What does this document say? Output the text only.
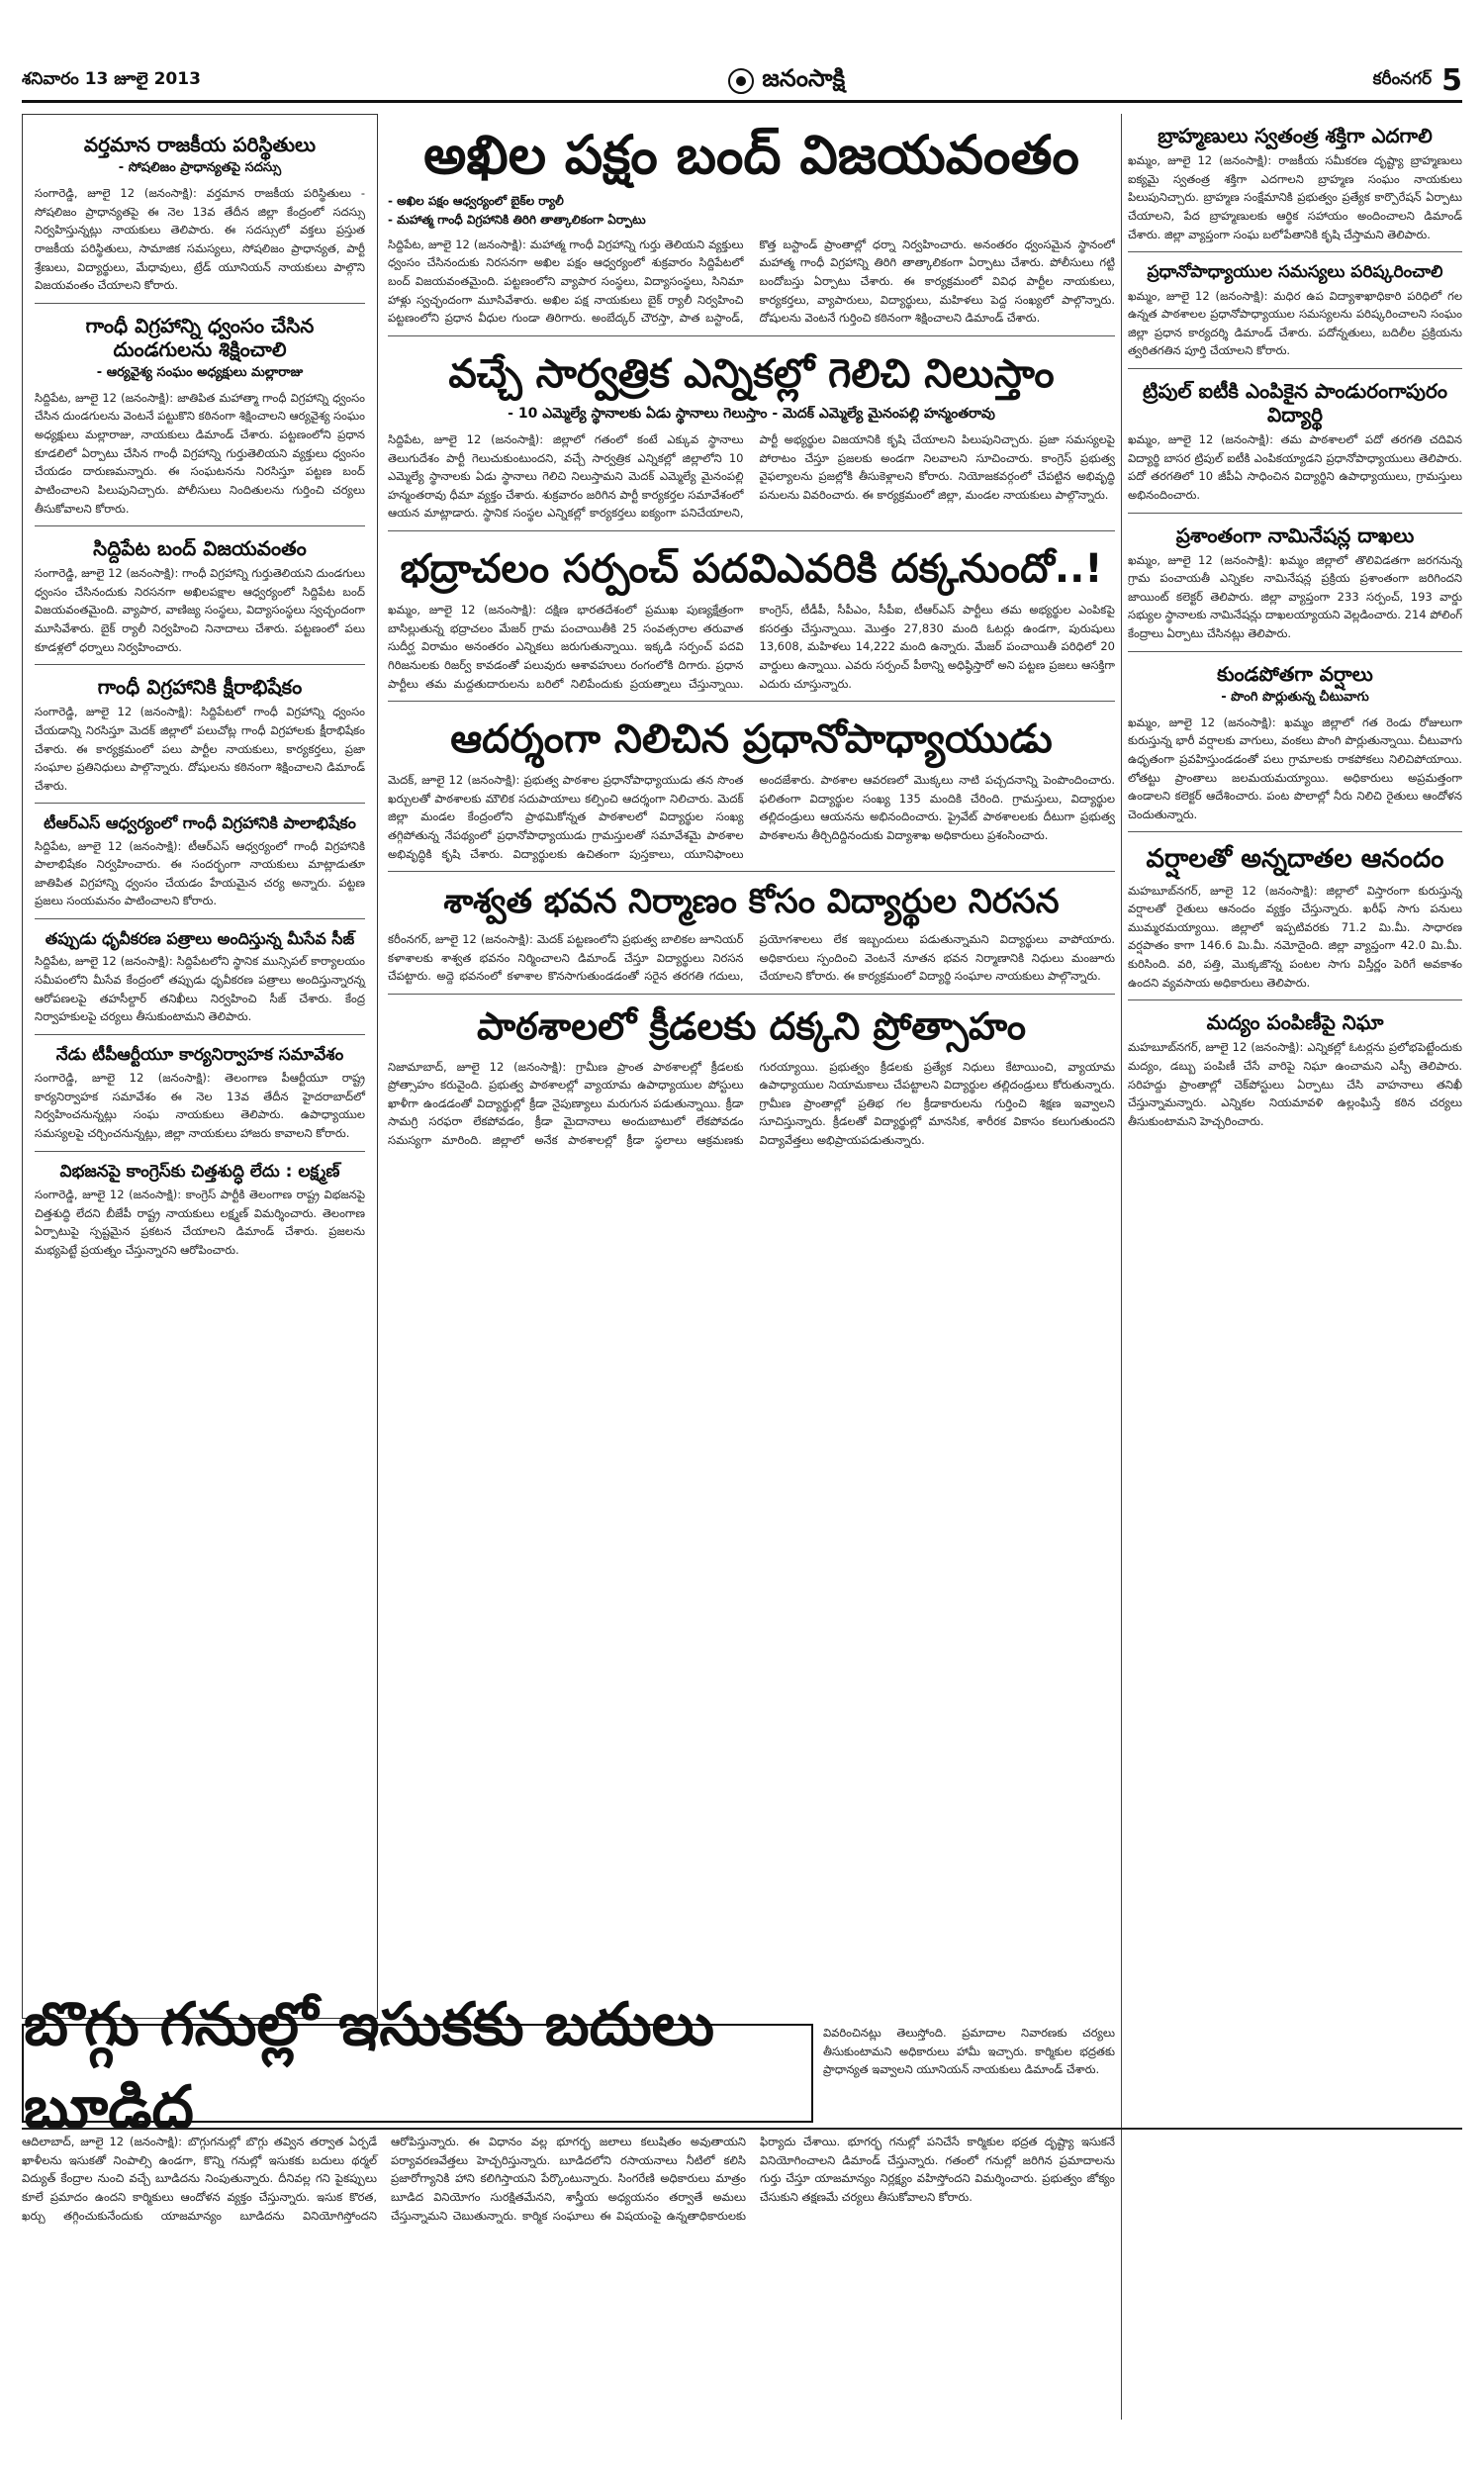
శనివారం 13 జూలై 2013	జనంసాక్షి	కరీంనగర్ 5
వర్తమాన రాజకీయ పరిస్థితులు
- సోషలిజం ప్రాధాన్యతపై సదస్సు

సంగారెడ్డి, జూలై 12 (జనంసాక్షి): వర్తమాన రాజకీయ పరిస్థితులు - సోషలిజం ప్రాధాన్యతపై ఈ నెల 13వ తేదీన జిల్లా కేంద్రంలో సదస్సు నిర్వహిస్తున్నట్లు నాయకులు తెలిపారు. ఈ సదస్సులో వక్తలు ప్రస్తుత రాజకీయ పరిస్థితులు, సామాజిక సమస్యలు, సోషలిజం ప్రాధాన్యత, పార్టీ శ్రేణులు, విద్యార్థులు, మేధావులు, ట్రేడ్ యూనియన్ నాయకులు పాల్గొని విజయవంతం చేయాలని కోరారు.

గాంధీ విగ్రహాన్ని ధ్వంసం చేసిన దుండగులను శిక్షించాలి
- ఆర్యవైశ్య సంఘం అధ్యక్షులు మల్లారాజు

సిద్దిపేట, జూలై 12 (జనంసాక్షి): జాతిపిత మహాత్మా గాంధీ విగ్రహాన్ని ధ్వంసం చేసిన దుండగులను వెంటనే పట్టుకొని కఠినంగా శిక్షించాలని ఆర్యవైశ్య సంఘం అధ్యక్షులు మల్లారాజు, నాయకులు డిమాండ్ చేశారు. పట్టణంలోని ప్రధాన కూడలిలో ఏర్పాటు చేసిన గాంధీ విగ్రహాన్ని గుర్తుతెలియని వ్యక్తులు ధ్వంసం చేయడం దారుణమన్నారు. ఈ సంఘటనను నిరసిస్తూ పట్టణ బంద్ పాటించాలని పిలుపునిచ్చారు. పోలీసులు నిందితులను గుర్తించి చర్యలు తీసుకోవాలని కోరారు.

సిద్దిపేట బంద్ విజయవంతం

సంగారెడ్డి, జూలై 12 (జనంసాక్షి): గాంధీ విగ్రహాన్ని గుర్తుతెలియని దుండగులు ధ్వంసం చేసినందుకు నిరసనగా అఖిలపక్షాల ఆధ్వర్యంలో సిద్దిపేట బంద్ విజయవంతమైంది. వ్యాపార, వాణిజ్య సంస్థలు, విద్యాసంస్థలు స్వచ్ఛందంగా మూసివేశారు. బైక్ ర్యాలీ నిర్వహించి నినాదాలు చేశారు. పట్టణంలో పలు కూడళ్లలో ధర్నాలు నిర్వహించారు.

గాంధీ విగ్రహానికి క్షీరాభిషేకం

సంగారెడ్డి, జూలై 12 (జనంసాక్షి): సిద్దిపేటలో గాంధీ విగ్రహాన్ని ధ్వంసం చేయడాన్ని నిరసిస్తూ మెదక్ జిల్లాలో పలుచోట్ల గాంధీ విగ్రహాలకు క్షీరాభిషేకం చేశారు. ఈ కార్యక్రమంలో పలు పార్టీల నాయకులు, కార్యకర్తలు, ప్రజా సంఘాల ప్రతినిధులు పాల్గొన్నారు. దోషులను కఠినంగా శిక్షించాలని డిమాండ్ చేశారు.

టీఆర్‌ఎస్ ఆధ్వర్యంలో గాంధీ విగ్రహానికి పాలాభిషేకం

సిద్దిపేట, జూలై 12 (జనంసాక్షి): టీఆర్‌ఎస్ ఆధ్వర్యంలో గాంధీ విగ్రహానికి పాలాభిషేకం నిర్వహించారు. ఈ సందర్భంగా నాయకులు మాట్లాడుతూ జాతిపిత విగ్రహాన్ని ధ్వంసం చేయడం హేయమైన చర్య అన్నారు. పట్టణ ప్రజలు సంయమనం పాటించాలని కోరారు.

తప్పుడు ధృవీకరణ పత్రాలు అందిస్తున్న మీసేవ సీజ్

సిద్దిపేట, జూలై 12 (జనంసాక్షి): సిద్దిపేటలోని స్థానిక మున్సిపల్ కార్యాలయం సమీపంలోని మీసేవ కేంద్రంలో తప్పుడు ధృవీకరణ పత్రాలు అందిస్తున్నారన్న ఆరోపణలపై తహసీల్దార్ తనిఖీలు నిర్వహించి సీజ్ చేశారు. కేంద్ర నిర్వాహకులపై చర్యలు తీసుకుంటామని తెలిపారు.

నేడు టీపీఆర్టీయూ కార్యనిర్వాహక సమావేశం

సంగారెడ్డి, జూలై 12 (జనంసాక్షి): తెలంగాణ పీఆర్టీయూ రాష్ట్ర కార్యనిర్వాహక సమావేశం ఈ నెల 13వ తేదీన హైదరాబాద్‌లో నిర్వహించనున్నట్లు సంఘ నాయకులు తెలిపారు. ఉపాధ్యాయుల సమస్యలపై చర్చించనున్నట్లు, జిల్లా నాయకులు హాజరు కావాలని కోరారు.

విభజనపై కాంగ్రెస్‌కు చిత్తశుద్ధి లేదు : లక్ష్మణ్

సంగారెడ్డి, జూలై 12 (జనంసాక్షి): కాంగ్రెస్ పార్టీకి తెలంగాణ రాష్ట్ర విభజనపై చిత్తశుద్ధి లేదని బీజేపీ రాష్ట్ర నాయకులు లక్ష్మణ్ విమర్శించారు. తెలంగాణ ఏర్పాటుపై స్పష్టమైన ప్రకటన చేయాలని డిమాండ్ చేశారు. ప్రజలను మభ్యపెట్టే ప్రయత్నం చేస్తున్నారని ఆరోపించారు.

అఖిల పక్షం బంద్ విజయవంతం
- అఖిల పక్షం ఆధ్వర్యంలో బైక్‌ల ర్యాలీ
- మహాత్మ గాంధీ విగ్రహానికి తిరిగి తాత్కాలికంగా ఏర్పాటు

సిద్దిపేట, జూలై 12 (జనంసాక్షి): మహాత్మ గాంధీ విగ్రహాన్ని గుర్తు తెలియని వ్యక్తులు ధ్వంసం చేసినందుకు నిరసనగా అఖిల పక్షం ఆధ్వర్యంలో శుక్రవారం సిద్దిపేటలో బంద్‌ విజయవంతమైంది. పట్టణంలోని వ్యాపార సంస్థలు, విద్యాసంస్థలు, సినిమా హాళ్లు స్వచ్ఛందంగా మూసివేశారు. అఖిల పక్ష నాయకులు బైక్‌ ర్యాలీ నిర్వహించి పట్టణంలోని ప్రధాన వీధుల గుండా తిరిగారు. అంబేద్కర్‌ చౌరస్తా, పాత బస్టాండ్‌, కొత్త బస్టాండ్‌ ప్రాంతాల్లో ధర్నా నిర్వహించారు. అనంతరం ధ్వంసమైన స్థానంలో మహాత్మ గాంధీ విగ్రహాన్ని తిరిగి తాత్కాలికంగా ఏర్పాటు చేశారు. పోలీసులు గట్టి బందోబస్తు ఏర్పాటు చేశారు. ఈ కార్యక్రమంలో వివిధ పార్టీల నాయకులు, కార్యకర్తలు, వ్యాపారులు, విద్యార్థులు, మహిళలు పెద్ద సంఖ్యలో పాల్గొన్నారు. దోషులను వెంటనే గుర్తించి కఠినంగా శిక్షించాలని డిమాండ్‌ చేశారు.

వచ్చే సార్వత్రిక ఎన్నికల్లో గెలిచి నిలుస్తాం
- 10 ఎమ్మెల్యే స్థానాలకు ఏడు స్థానాలు గెలుస్తాం - మెదక్ ఎమ్మెల్యే మైనంపల్లి హన్మంతరావు

సిద్దిపేట, జూలై 12 (జనంసాక్షి): జిల్లాలో గతంలో కంటే ఎక్కువ స్థానాలు తెలుగుదేశం పార్టీ గెలుచుకుంటుందని, వచ్చే సార్వత్రిక ఎన్నికల్లో జిల్లాలోని 10 ఎమ్మెల్యే స్థానాలకు ఏడు స్థానాలు గెలిచి నిలుస్తామని మెదక్ ఎమ్మెల్యే మైనంపల్లి హన్మంతరావు ధీమా వ్యక్తం చేశారు. శుక్రవారం జరిగిన పార్టీ కార్యకర్తల సమావేశంలో ఆయన మాట్లాడారు. స్థానిక సంస్థల ఎన్నికల్లో కార్యకర్తలు ఐక్యంగా పనిచేయాలని, పార్టీ అభ్యర్థుల విజయానికి కృషి చేయాలని పిలుపునిచ్చారు. ప్రజా సమస్యలపై పోరాటం చేస్తూ ప్రజలకు అండగా నిలవాలని సూచించారు. కాంగ్రెస్ ప్రభుత్వ వైఫల్యాలను ప్రజల్లోకి తీసుకెళ్లాలని కోరారు. నియోజకవర్గంలో చేపట్టిన అభివృద్ధి పనులను వివరించారు. ఈ కార్యక్రమంలో జిల్లా, మండల నాయకులు పాల్గొన్నారు.

భద్రాచలం సర్పంచ్ పదవిఎవరికి దక్కనుందో..!

ఖమ్మం, జూలై 12 (జనంసాక్షి): దక్షిణ భారతదేశంలో ప్రముఖ పుణ్యక్షేత్రంగా బాసిల్లుతున్న భద్రాచలం మేజర్ గ్రామ పంచాయితీకి 25 సంవత్సరాల తరువాత సుదీర్ఘ విరామం అనంతరం ఎన్నికలు జరుగుతున్నాయి. ఇక్కడి సర్పంచ్ పదవి గిరిజనులకు రిజర్వ్ కావడంతో పలువురు ఆశావహులు రంగంలోకి దిగారు. ప్రధాన పార్టీలు తమ మద్దతుదారులను బరిలో నిలిపేందుకు ప్రయత్నాలు చేస్తున్నాయి. కాంగ్రెస్, టీడీపీ, సీపీఎం, సీపీఐ, టీఆర్‌ఎస్ పార్టీలు తమ అభ్యర్థుల ఎంపికపై కసరత్తు చేస్తున్నాయి. మొత్తం 27,830 మంది ఓటర్లు ఉండగా, పురుషులు 13,608, మహిళలు 14,222 మంది ఉన్నారు. మేజర్ పంచాయితీ పరిధిలో 20 వార్డులు ఉన్నాయి. ఎవరు సర్పంచ్ పీఠాన్ని అధిష్ఠిస్తారో అని పట్టణ ప్రజలు ఆసక్తిగా ఎదురు చూస్తున్నారు.

ఆదర్శంగా నిలిచిన ప్రధానోపాధ్యాయుడు

మెదక్, జూలై 12 (జనంసాక్షి): ప్రభుత్వ పాఠశాల ప్రధానోపాధ్యాయుడు తన సొంత ఖర్చులతో పాఠశాలకు మౌలిక సదుపాయాలు కల్పించి ఆదర్శంగా నిలిచారు. మెదక్ జిల్లా మండల కేంద్రంలోని ప్రాథమికోన్నత పాఠశాలలో విద్యార్థుల సంఖ్య తగ్గిపోతున్న నేపథ్యంలో ప్రధానోపాధ్యాయుడు గ్రామస్తులతో సమావేశమై పాఠశాల అభివృద్ధికి కృషి చేశారు. విద్యార్థులకు ఉచితంగా పుస్తకాలు, యూనిఫాంలు అందజేశారు. పాఠశాల ఆవరణలో మొక్కలు నాటి పచ్చదనాన్ని పెంపొందించారు. ఫలితంగా విద్యార్థుల సంఖ్య 135 మందికి చేరింది. గ్రామస్తులు, విద్యార్థుల తల్లిదండ్రులు ఆయనను అభినందించారు. ప్రైవేట్ పాఠశాలలకు దీటుగా ప్రభుత్వ పాఠశాలను తీర్చిదిద్దినందుకు విద్యాశాఖ అధికారులు ప్రశంసించారు.

శాశ్వత భవన నిర్మాణం కోసం విద్యార్థుల నిరసన

కరీంనగర్, జూలై 12 (జనంసాక్షి): మెదక్ పట్టణంలోని ప్రభుత్వ బాలికల జూనియర్ కళాశాలకు శాశ్వత భవనం నిర్మించాలని డిమాండ్ చేస్తూ విద్యార్థులు నిరసన చేపట్టారు. అద్దె భవనంలో కళాశాల కొనసాగుతుండడంతో సరైన తరగతి గదులు, ప్రయోగశాలలు లేక ఇబ్బందులు పడుతున్నామని విద్యార్థులు వాపోయారు. అధికారులు స్పందించి వెంటనే నూతన భవన నిర్మాణానికి నిధులు మంజూరు చేయాలని కోరారు. ఈ కార్యక్రమంలో విద్యార్థి సంఘాల నాయకులు పాల్గొన్నారు.

పాఠశాలలో క్రీడలకు దక్కని ప్రోత్సాహం

నిజామాబాద్, జూలై 12 (జనంసాక్షి): గ్రామీణ ప్రాంత పాఠశాలల్లో క్రీడలకు ప్రోత్సాహం కరువైంది. ప్రభుత్వ పాఠశాలల్లో వ్యాయామ ఉపాధ్యాయుల పోస్టులు ఖాళీగా ఉండడంతో విద్యార్థుల్లో క్రీడా నైపుణ్యాలు మరుగున పడుతున్నాయి. క్రీడా సామగ్రి సరఫరా లేకపోవడం, క్రీడా మైదానాలు అందుబాటులో లేకపోవడం సమస్యగా మారింది. జిల్లాలో అనేక పాఠశాలల్లో క్రీడా స్థలాలు ఆక్రమణకు గురయ్యాయి. ప్రభుత్వం క్రీడలకు ప్రత్యేక నిధులు కేటాయించి, వ్యాయామ ఉపాధ్యాయుల నియామకాలు చేపట్టాలని విద్యార్థుల తల్లిదండ్రులు కోరుతున్నారు. గ్రామీణ ప్రాంతాల్లో ప్రతిభ గల క్రీడాకారులను గుర్తించి శిక్షణ ఇవ్వాలని సూచిస్తున్నారు. క్రీడలతో విద్యార్థుల్లో మానసిక, శారీరక వికాసం కలుగుతుందని విద్యావేత్తలు అభిప్రాయపడుతున్నారు.

బ్రాహ్మణులు స్వతంత్ర శక్తిగా ఎదగాలి

ఖమ్మం, జూలై 12 (జనంసాక్షి): రాజకీయ సమీకరణ దృష్ట్యా బ్రాహ్మణులు ఐక్యమై స్వతంత్ర శక్తిగా ఎదగాలని బ్రాహ్మణ సంఘం నాయకులు పిలుపునిచ్చారు. బ్రాహ్మణ సంక్షేమానికి ప్రభుత్వం ప్రత్యేక కార్పొరేషన్ ఏర్పాటు చేయాలని, పేద బ్రాహ్మణులకు ఆర్థిక సహాయం అందించాలని డిమాండ్ చేశారు. జిల్లా వ్యాప్తంగా సంఘ బలోపేతానికి కృషి చేస్తామని తెలిపారు.

ప్రధానోపాధ్యాయుల సమస్యలు పరిష్కరించాలి

ఖమ్మం, జూలై 12 (జనంసాక్షి): మధిర ఉప విద్యాశాఖాధికారి పరిధిలో గల ఉన్నత పాఠశాలల ప్రధానోపాధ్యాయుల సమస్యలను పరిష్కరించాలని సంఘం జిల్లా ప్రధాన కార్యదర్శి డిమాండ్ చేశారు. పదోన్నతులు, బదిలీల ప్రక్రియను త్వరితగతిన పూర్తి చేయాలని కోరారు.

ట్రిపుల్ ఐటీకి ఎంపికైన పాండురంగాపురం విద్యార్థి

ఖమ్మం, జూలై 12 (జనంసాక్షి): తమ పాఠశాలలో పదో తరగతి చదివిన విద్యార్థి బాసర ట్రిపుల్ ఐటీకి ఎంపికయ్యాడని ప్రధానోపాధ్యాయులు తెలిపారు. పదో తరగతిలో 10 జీపీఏ సాధించిన విద్యార్థిని ఉపాధ్యాయులు, గ్రామస్తులు అభినందించారు.

ప్రశాంతంగా నామినేషన్ల దాఖలు

ఖమ్మం, జూలై 12 (జనంసాక్షి): ఖమ్మం జిల్లాలో తొలివిడతగా జరగనున్న గ్రామ పంచాయతీ ఎన్నికల నామినేషన్ల ప్రక్రియ ప్రశాంతంగా జరిగిందని జాయింట్ కలెక్టర్ తెలిపారు. జిల్లా వ్యాప్తంగా 233 సర్పంచ్, 193 వార్డు సభ్యుల స్థానాలకు నామినేషన్లు దాఖలయ్యాయని వెల్లడించారు. 214 పోలింగ్ కేంద్రాలు ఏర్పాటు చేసినట్లు తెలిపారు.

కుండపోతగా వర్షాలు
- పొంగి పొర్లుతున్న చీటువాగు

ఖమ్మం, జూలై 12 (జనంసాక్షి): ఖమ్మం జిల్లాలో గత రెండు రోజులుగా కురుస్తున్న భారీ వర్షాలకు వాగులు, వంకలు పొంగి పొర్లుతున్నాయి. చీటువాగు ఉధృతంగా ప్రవహిస్తుండడంతో పలు గ్రామాలకు రాకపోకలు నిలిచిపోయాయి. లోతట్టు ప్రాంతాలు జలమయమయ్యాయి. అధికారులు అప్రమత్తంగా ఉండాలని కలెక్టర్ ఆదేశించారు. పంట పొలాల్లో నీరు నిలిచి రైతులు ఆందోళన చెందుతున్నారు.

వర్షాలతో అన్నదాతల ఆనందం

మహబూబ్‌నగర్, జూలై 12 (జనంసాక్షి): జిల్లాలో విస్తారంగా కురుస్తున్న వర్షాలతో రైతులు ఆనందం వ్యక్తం చేస్తున్నారు. ఖరీఫ్ సాగు పనులు ముమ్మరమయ్యాయి. జిల్లాలో ఇప్పటివరకు 71.2 మి.మీ. సాధారణ వర్షపాతం కాగా 146.6 మి.మీ. నమోదైంది. జిల్లా వ్యాప్తంగా 42.0 మి.మీ. కురిసింది. వరి, పత్తి, మొక్కజొన్న పంటల సాగు విస్తీర్ణం పెరిగే అవకాశం ఉందని వ్యవసాయ అధికారులు తెలిపారు.

మద్యం పంపిణీపై నిఘా

మహబూబ్‌నగర్, జూలై 12 (జనంసాక్షి): ఎన్నికల్లో ఓటర్లను ప్రలోభపెట్టేందుకు మద్యం, డబ్బు పంపిణీ చేసే వారిపై నిఘా ఉంచామని ఎస్పీ తెలిపారు. సరిహద్దు ప్రాంతాల్లో చెక్‌పోస్టులు ఏర్పాటు చేసి వాహనాలు తనిఖీ చేస్తున్నామన్నారు. ఎన్నికల నియమావళి ఉల్లంఘిస్తే కఠిన చర్యలు తీసుకుంటామని హెచ్చరించారు.

బొగ్గు గనుల్లో ఇసుకకు బదులు బూడిద

వివరించినట్లు తెలుస్తోంది. ప్రమాదాల నివారణకు చర్యలు తీసుకుంటామని అధికారులు హామీ ఇచ్చారు. కార్మికుల భద్రతకు ప్రాధాన్యత ఇవ్వాలని యూనియన్ నాయకులు డిమాండ్ చేశారు.

ఆదిలాబాద్, జూలై 12 (జనంసాక్షి): బొగ్గుగనుల్లో బొగ్గు తవ్విన తర్వాత ఏర్పడే ఖాళీలను ఇసుకతో నింపాల్సి ఉండగా, కొన్ని గనుల్లో ఇసుకకు బదులు థర్మల్ విద్యుత్ కేంద్రాల నుంచి వచ్చే బూడిదను నింపుతున్నారు. దీనివల్ల గని పైకప్పులు కూలే ప్రమాదం ఉందని కార్మికులు ఆందోళన వ్యక్తం చేస్తున్నారు. ఇసుక కొరత, ఖర్చు తగ్గించుకునేందుకు యాజమాన్యం బూడిదను వినియోగిస్తోందని ఆరోపిస్తున్నారు. ఈ విధానం వల్ల భూగర్భ జలాలు కలుషితం అవుతాయని పర్యావరణవేత్తలు హెచ్చరిస్తున్నారు. బూడిదలోని రసాయనాలు నీటిలో కలిసి ప్రజారోగ్యానికి హాని కలిగిస్తాయని పేర్కొంటున్నారు. సింగరేణి అధికారులు మాత్రం బూడిద వినియోగం సురక్షితమేనని, శాస్త్రీయ అధ్యయనం తర్వాతే అమలు చేస్తున్నామని చెబుతున్నారు. కార్మిక సంఘాలు ఈ విషయంపై ఉన్నతాధికారులకు ఫిర్యాదు చేశాయి. భూగర్భ గనుల్లో పనిచేసే కార్మికుల భద్రత దృష్ట్యా ఇసుకనే వినియోగించాలని డిమాండ్ చేస్తున్నారు. గతంలో గనుల్లో జరిగిన ప్రమాదాలను గుర్తు చేస్తూ యాజమాన్యం నిర్లక్ష్యం వహిస్తోందని విమర్శించారు. ప్రభుత్వం జోక్యం చేసుకుని తక్షణమే చర్యలు తీసుకోవాలని కోరారు.
